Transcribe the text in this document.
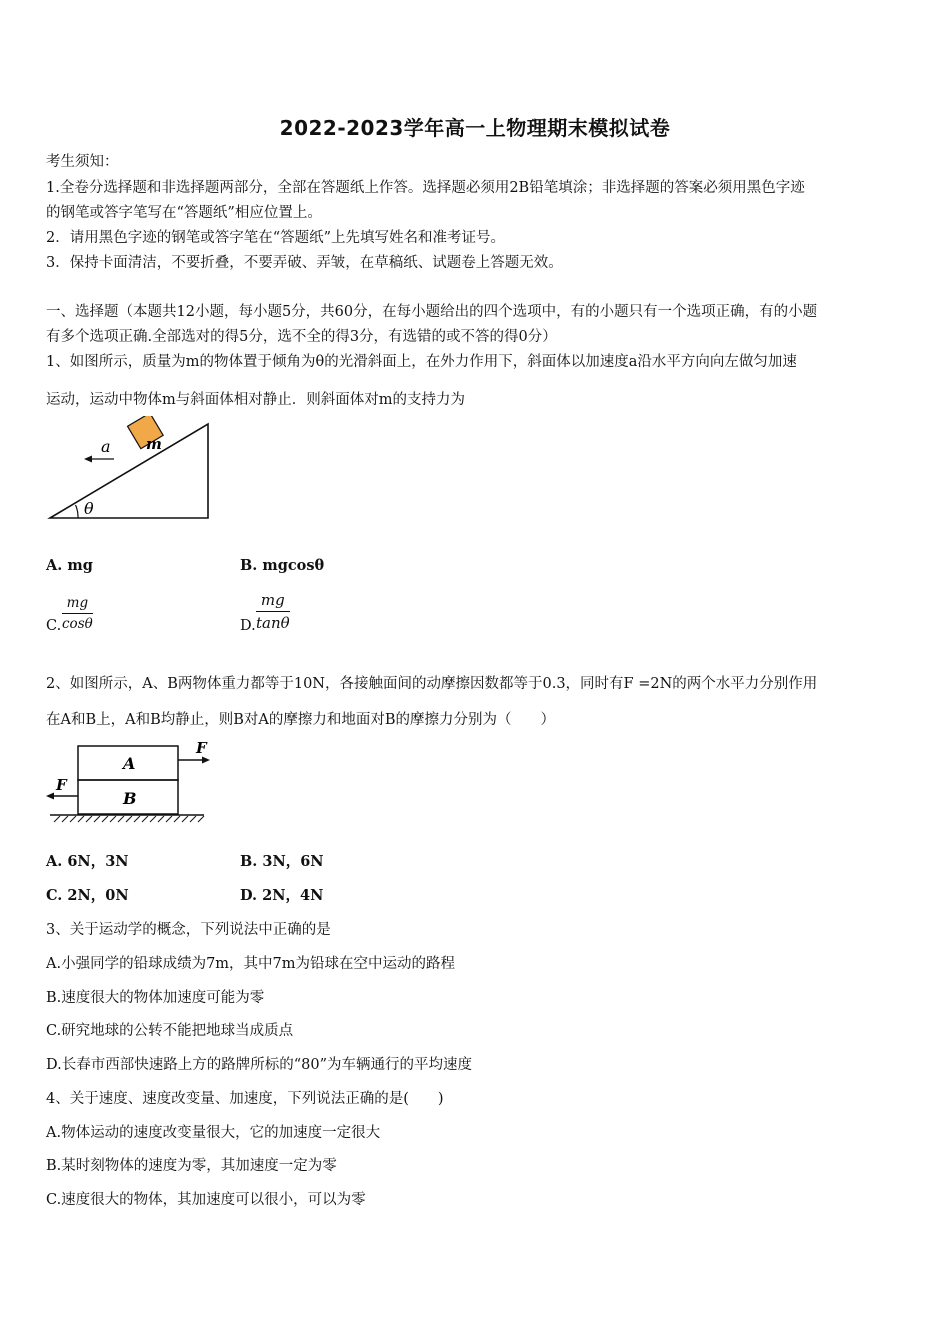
2022-2023学年高一上物理期末模拟试卷
考生须知：
1.全卷分选择题和非选择题两部分，全部在答题纸上作答。选择题必须用2B铅笔填涂；非选择题的答案必须用黑色字迹
的钢笔或答字笔写在“答题纸”相应位置上。
2．请用黑色字迹的钢笔或答字笔在“答题纸”上先填写姓名和准考证号。
3．保持卡面清洁，不要折叠，不要弄破、弄皱，在草稿纸、试题卷上答题无效。
一、选择题（本题共12小题，每小题5分，共60分，在每小题给出的四个选项中，有的小题只有一个选项正确，有的小题
有多个选项正确.全部选对的得5分，选不全的得3分，有选错的或不答的得0分）
1、如图所示，质量为m的物体置于倾角为θ的光滑斜面上，在外力作用下，斜面体以加速度a沿水平方向向左做匀加速
运动，运动中物体m与斜面体相对静止．则斜面体对m的支持力为
θ
m
a
A. mg	B. mgcosθ
C. $\frac{mg}{\cos\theta}$	D. $\frac{mg}{\tan\theta}$
2、如图所示，A、B两物体重力都等于10N，各接触面间的动摩擦因数都等于0.3，同时有F =2N的两个水平力分别作用
在A和B上，A和B均静止，则B对A的摩擦力和地面对B的摩擦力分别为（　　）
A
B
F
F
A. 6N，3N	B. 3N，6N
C. 2N，0N	D. 2N，4N
3、关于运动学的概念，下列说法中正确的是
A.小强同学的铅球成绩为7m，其中7m为铅球在空中运动的路程
B.速度很大的物体加速度可能为零
C.研究地球的公转不能把地球当成质点
D.长春市西部快速路上方的路牌所标的“80”为车辆通行的平均速度
4、关于速度、速度改变量、加速度，下列说法正确的是(　　)
A.物体运动的速度改变量很大，它的加速度一定很大
B.某时刻物体的速度为零，其加速度一定为零
C.速度很大的物体，其加速度可以很小，可以为零
